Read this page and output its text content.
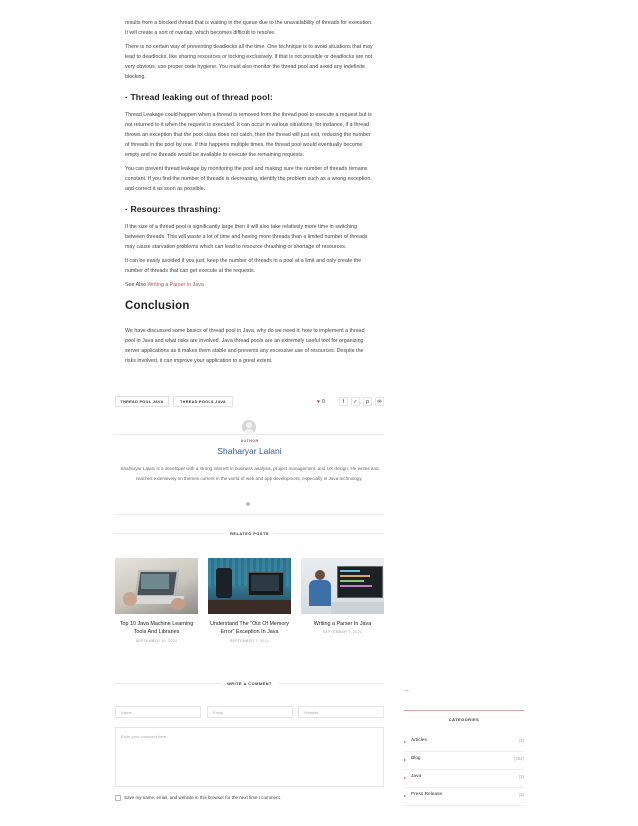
results from a blocked thread that is waiting in the queue due to the unavailability of threads for execution. It will create a sort of overlap, which becomes difficult to resolve.

There is no certain way of preventing deadlocks all the time. One technique is to avoid situations that may lead to deadlocks, like sharing resources or locking exclusively. If that is not possible or deadlocks are not very obvious, use proper code hygiene. You must also monitor the thread pool and avoid any indefinite blocking.

· Thread leaking out of thread pool:

Thread Leakage could happen when a thread is removed from the thread pool to execute a request but is not returned to it when the request is executed. It can occur in various situations; for instance, if a thread throws an exception that the pool class does not catch, then the thread will just exit, reducing the number of threads in the pool by one. If this happens multiple times, the thread pool would eventually become empty and no threads would be available to execute the remaining requests.

You can prevent thread leakage by monitoring the pool and making sure the number of threads remains constant. If you find the number of threads is decreasing, identify the problem such as a wrong exception, and correct it as soon as possible.

· Resources thrashing:

If the size of a thread pool is significantly large then it will also take relatively more time in switching between threads. This will waste a lot of time and having more threads than a limited number of threads may cause starvation problems which can lead to resource thrashing or shortage of resources.

It can be easily avoided if you just, keep the number of threads in a pool at a limit and only create the number of threads that can get execute at the requests.

See Also Writing a Parser In Java
Conclusion

We have discussed some basics of thread pool in Java, why do we need it, how to implement a thread pool in Java and what risks are involved. Java thread pools are an extremely useful tool for organizing server applications as it makes them stable and prevents any excessive use of resources. Despite the risks involved, it can improve your application to a great extent.

THREAD POOL JAVA	THREAD POOLS JAVA	♥ 0	f	✓	p	✉
AUTHOR
Shaharyar Lalani
Shaharyar Lalani is a developer with a strong interest in business analysis, project management, and UX design. He writes and teaches extensively on themes current in the world of web and app development, especially in Java technology.
RELATED POSTS
Top 10 Java Machine Learning Tools And Libraries
SEPTEMBER 10, 2021
Understand The "Out Of Memory Error" Exception In Java
SEPTEMBER 7, 2021
Writing a Parser In Java
SEPTEMBER 7, 2021
WRITE A COMMENT
Name	Email	Website
Enter your comment here..
Save my name, email, and website in this browser for the next time I comment.
CATEGORIES
▸ Articles	(3)
▸ Blog	(382)
▸ Java	(3)
▸ Press Release	(3)
